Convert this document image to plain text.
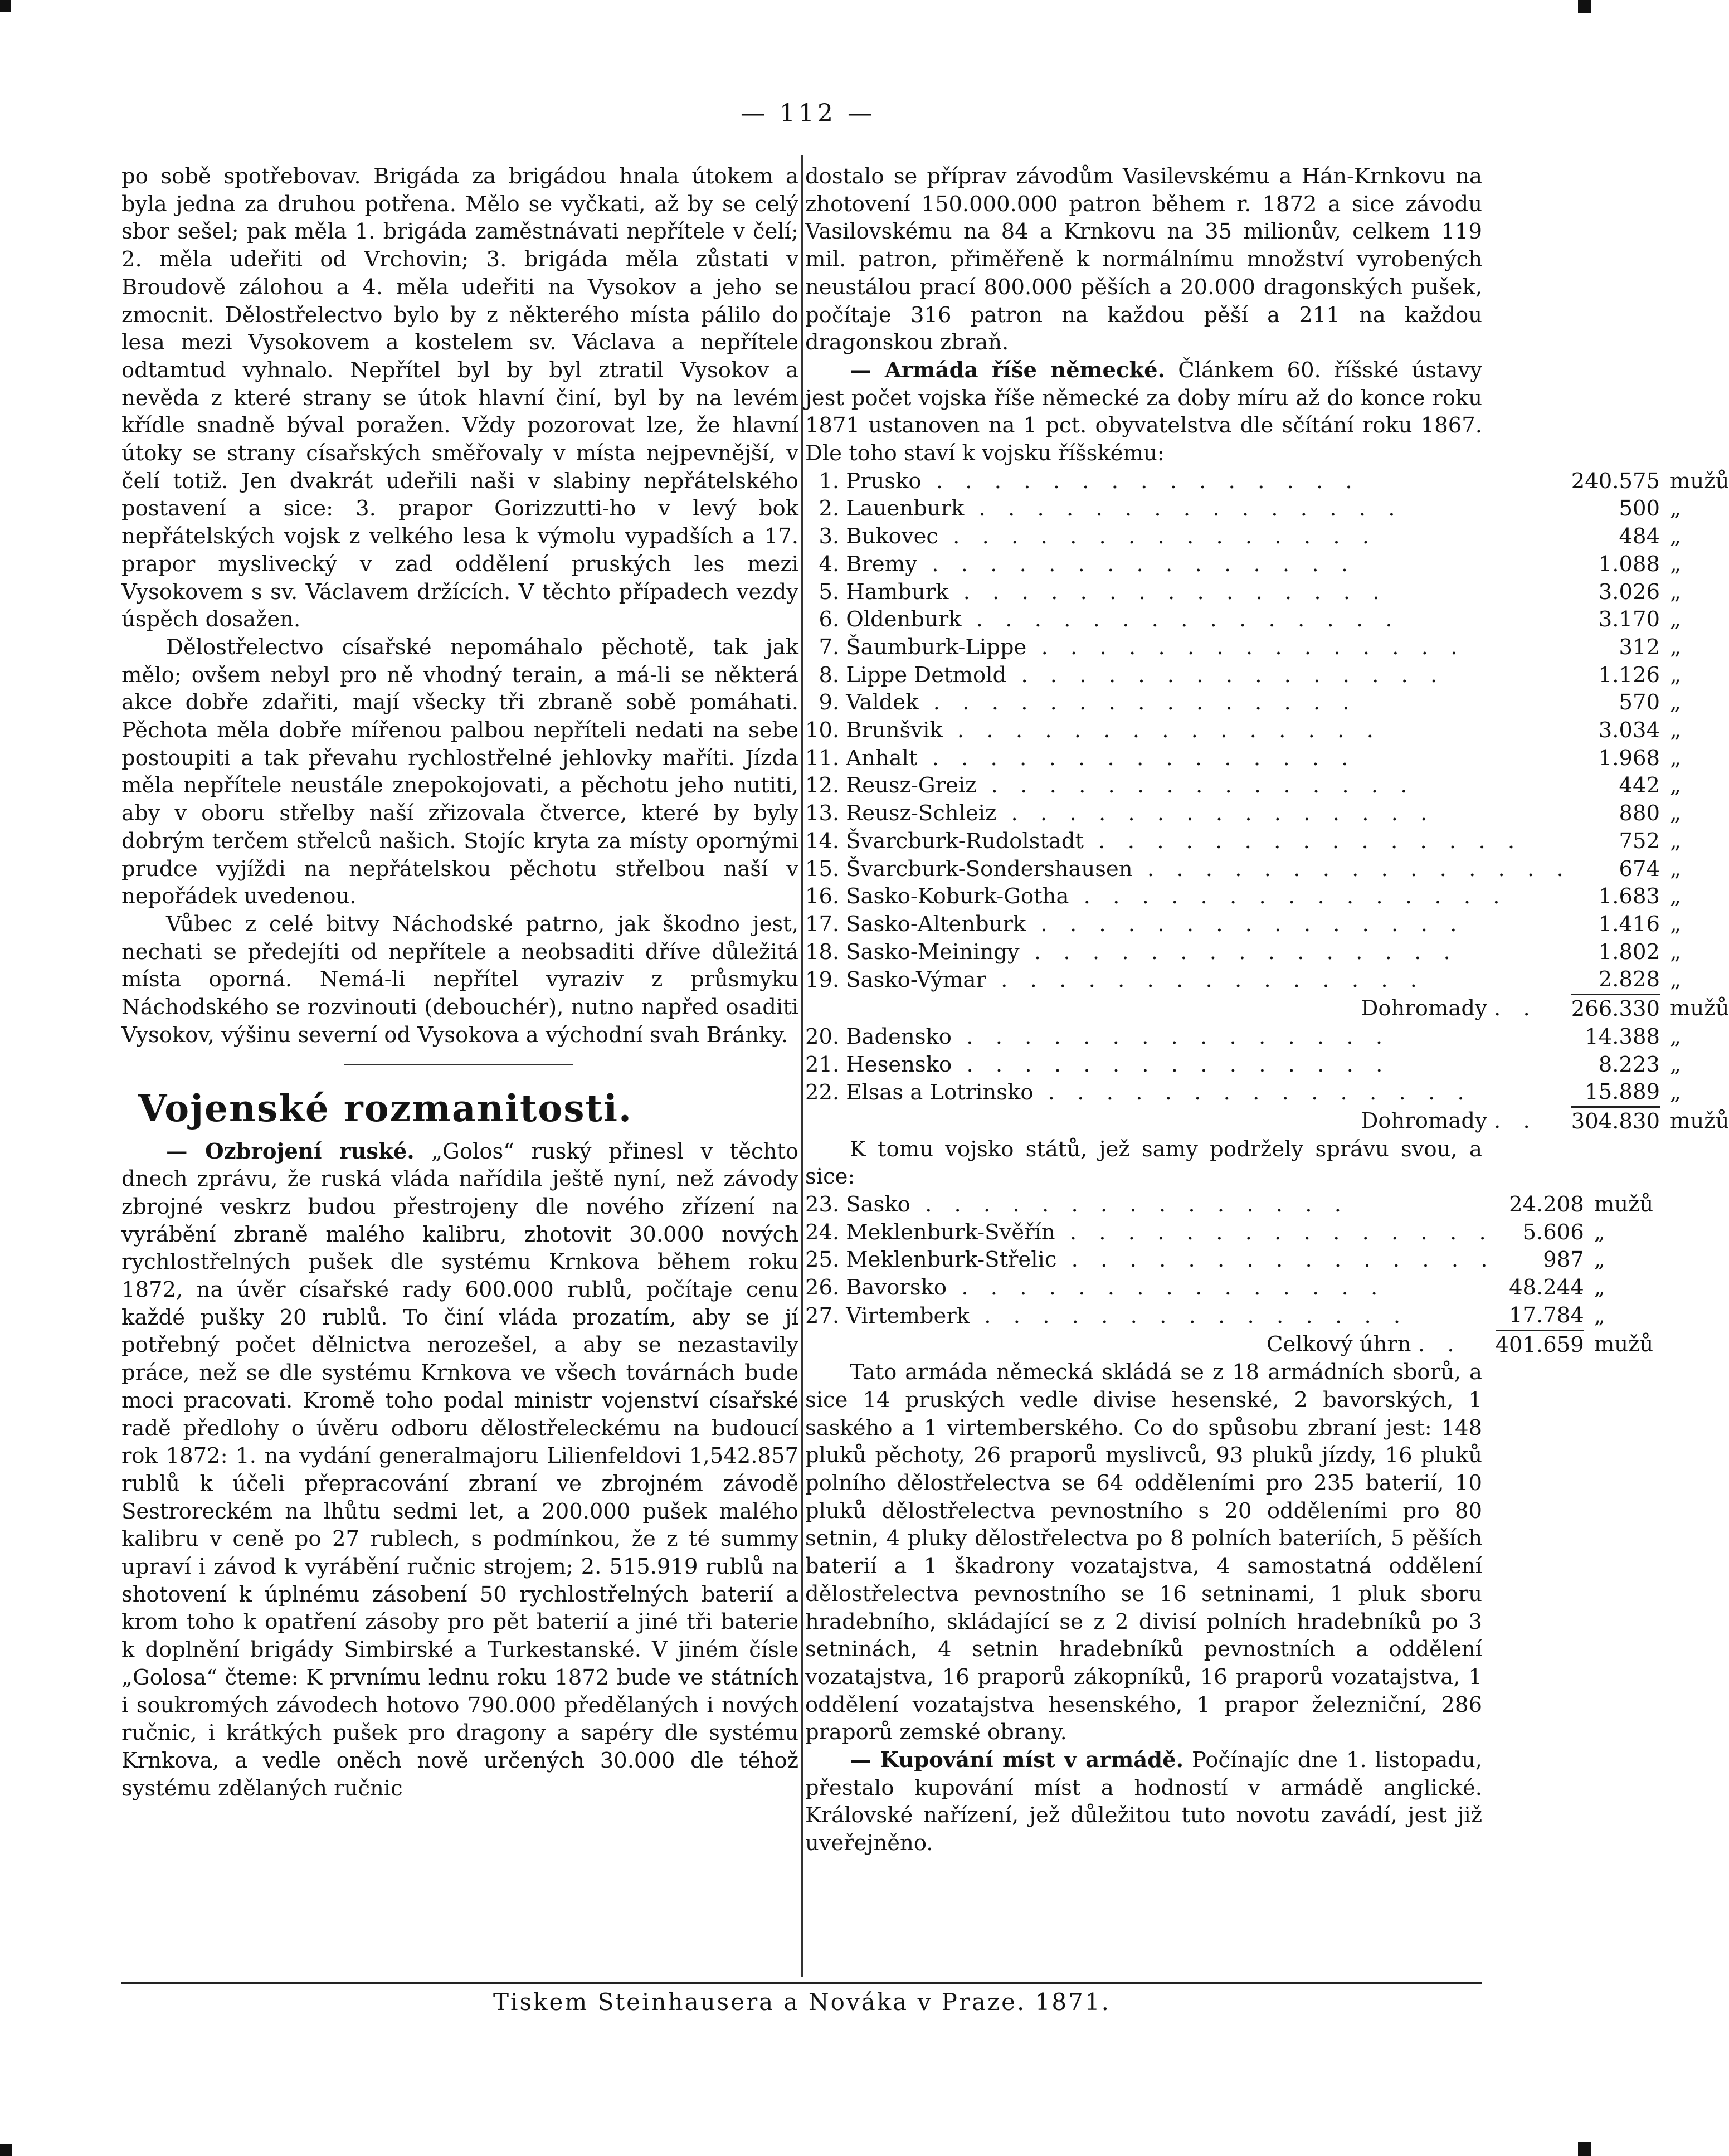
— 112 —

po sobě spotřebovav. Brigáda za brigádou hnala útokem a byla jedna za druhou potřena. Mělo se vyčkati, až by se celý sbor sešel; pak měla 1. brigáda zaměstnávati nepřítele v čelí; 2. měla udeřiti od Vrchovin; 3. brigáda měla zůstati v Broudově zálohou a 4. měla udeřiti na Vysokov a jeho se zmocnit. Dělostřelectvo bylo by z některého místa pálilo do lesa mezi Vysokovem a kostelem sv. Václava a nepřítele odtamtud vyhnalo. Nepřítel byl by byl ztratil Vysokov a nevěda z které strany se útok hlavní činí, byl by na levém křídle snadně býval poražen. Vždy pozorovat lze, že hlavní útoky se strany císařských směřovaly v místa nejpevnější, v čelí totiž. Jen dvakrát udeřili naši v slabiny nepřátelského postavení a sice: 3. prapor Gorizzutti-ho v levý bok nepřátelských vojsk z velkého lesa k výmolu vypadších a 17. prapor myslivecký v zad oddělení pruských les mezi Vysokovem s sv. Václavem držících. V těchto případech vezdy úspěch dosažen.

Dělostřelectvo císařské nepomáhalo pěchotě, tak jak mělo; ovšem nebyl pro ně vhodný terain, a má-li se některá akce dobře zdařiti, mají všecky tři zbraně sobě pomáhati. Pěchota měla dobře mířenou palbou nepříteli nedati na sebe postoupiti a tak převahu rychlostřelné jehlovky maříti. Jízda měla nepřítele neustále znepokojovati, a pěchotu jeho nutiti, aby v oboru střelby naší zřizovala čtverce, které by byly dobrým terčem střelců našich. Stojíc kryta za místy opornými prudce vyjíždi na nepřátelskou pěchotu střelbou naší v nepořádek uvedenou.

Vůbec z celé bitvy Náchodské patrno, jak škodno jest, nechati se předejíti od nepřítele a neobsaditi dříve důležitá místa oporná. Nemá-li nepřítel vyraziv z průsmyku Náchodského se rozvinouti (debouchér), nutno napřed osaditi Vysokov, výšinu severní od Vysokova a východní svah Bránky.

Vojenské rozmanitosti.

— Ozbrojení ruské. „Golos“ ruský přinesl v těchto dnech zprávu, že ruská vláda nařídila ještě nyní, než závody zbrojné veskrz budou přestrojeny dle nového zřízení na vyrábění zbraně malého kalibru, zhotovit 30.000 nových rychlostřelných pušek dle systému Krnkova během roku 1872, na úvěr císařské rady 600.000 rublů, počítaje cenu každé pušky 20 rublů. To činí vláda prozatím, aby se jí potřebný počet dělnictva nerozešel, a aby se nezastavily práce, než se dle systému Krnkova ve všech továrnách bude moci pracovati. Kromě toho podal ministr vojenství císařské radě předlohy o úvěru odboru dělostřeleckému na budoucí rok 1872: 1. na vydání generalmajoru Lilienfeldovi 1,542.857 rublů k účeli přepracování zbraní ve zbrojném závodě Sestroreckém na lhůtu sedmi let, a 200.000 pušek malého kalibru v ceně po 27 rublech, s podmínkou, že z té summy upraví i závod k vyrábění ručnic strojem; 2. 515.919 rublů na shotovení k úplnému zásobení 50 rychlostřelných baterií a krom toho k opatření zásoby pro pět baterií a jiné tři baterie k doplnění brigády Simbirské a Turkestanské. V jiném čísle „Golosa“ čteme: K prvnímu lednu roku 1872 bude ve státních i soukromých závodech hotovo 790.000 předělaných i nových ručnic, i krátkých pušek pro dragony a sapéry dle systému Krnkova, a vedle oněch nově určených 30.000 dle téhož systému zdělaných ručnic

dostalo se příprav závodům Vasilevskému a Hán-Krnkovu na zhotovení 150.000.000 patron během r. 1872 a sice závodu Vasilovskému na 84 a Krnkovu na 35 milionův, celkem 119 mil. patron, přiměřeně k normálnímu množství vyrobených neustálou prací 800.000 pěších a 20.000 dragonských pušek, počítaje 316 patron na každou pěší a 211 na každou dragonskou zbraň.

— Armáda říše německé. Článkem 60. říšské ústavy jest počet vojska říše německé za doby míru až do konce roku 1871 ustanoven na 1 pct. obyvatelstva dle sčítání roku 1867. Dle toho staví k vojsku říšskému:

1.	Prusko . . . . . . . . . . . . . . .	240.575	mužů
2.	Lauenburk . . . . . . . . . . . . . . .	500	„
3.	Bukovec . . . . . . . . . . . . . . .	484	„
4.	Bremy . . . . . . . . . . . . . . .	1.088	„
5.	Hamburk . . . . . . . . . . . . . . .	3.026	„
6.	Oldenburk . . . . . . . . . . . . . . .	3.170	„
7.	Šaumburk-Lippe . . . . . . . . . . . . . . .	312	„
8.	Lippe Detmold . . . . . . . . . . . . . . .	1.126	„
9.	Valdek . . . . . . . . . . . . . . .	570	„
10.	Brunšvik . . . . . . . . . . . . . . .	3.034	„
11.	Anhalt . . . . . . . . . . . . . . .	1.968	„
12.	Reusz-Greiz . . . . . . . . . . . . . . .	442	„
13.	Reusz-Schleiz . . . . . . . . . . . . . . .	880	„
14.	Švarcburk-Rudolstadt . . . . . . . . . . . . . . .	752	„
15.	Švarcburk-Sondershausen . . . . . . . . . . . . . . .	674	„
16.	Sasko-Koburk-Gotha . . . . . . . . . . . . . . .	1.683	„
17.	Sasko-Altenburk . . . . . . . . . . . . . . .	1.416	„
18.	Sasko-Meiningy . . . . . . . . . . . . . . .	1.802	„
19.	Sasko-Výmar . . . . . . . . . . . . . . .	2.828	„
	Dohromady . .	266.330	mužů
20.	Badensko . . . . . . . . . . . . . . .	14.388	„
21.	Hesensko . . . . . . . . . . . . . . .	8.223	„
22.	Elsas a Lotrinsko . . . . . . . . . . . . . . .	15.889	„
	Dohromady . .	304.830	mužů

K tomu vojsko států, jež samy podržely správu svou, a sice:

23.	Sasko . . . . . . . . . . . . . . .	24.208	mužů
24.	Meklenburk-Svěřín . . . . . . . . . . . . . . .	5.606	„
25.	Meklenburk-Střelic . . . . . . . . . . . . . . .	987	„
26.	Bavorsko . . . . . . . . . . . . . . .	48.244	„
27.	Virtemberk . . . . . . . . . . . . . . .	17.784	„
	Celkový úhrn . .	401.659	mužů

Tato armáda německá skládá se z 18 armádních sborů, a sice 14 pruských vedle divise hesenské, 2 bavorských, 1 saského a 1 virtemberského. Co do spůsobu zbraní jest: 148 pluků pěchoty, 26 praporů myslivců, 93 pluků jízdy, 16 pluků polního dělostřelectva se 64 odděleními pro 235 baterií, 10 pluků dělostřelectva pevnostního s 20 odděleními pro 80 setnin, 4 pluky dělostřelectva po 8 polních bateriích, 5 pěších baterií a 1 škadrony vozatajstva, 4 samostatná oddělení dělostřelectva pevnostního se 16 setninami, 1 pluk sboru hradebního, skládající se z 2 divisí polních hradebníků po 3 setninách, 4 setnin hradebníků pevnostních a oddělení vozatajstva, 16 praporů zákopníků, 16 praporů vozatajstva, 1 oddělení vozatajstva hesenského, 1 prapor železniční, 286 praporů zemské obrany.

— Kupování míst v armádě. Počínajíc dne 1. listopadu, přestalo kupování míst a hodností v armádě anglické. Královské nařízení, jež důležitou tuto novotu zavádí, jest již uveřejněno.

Tiskem Steinhausera a Nováka v Praze. 1871.
